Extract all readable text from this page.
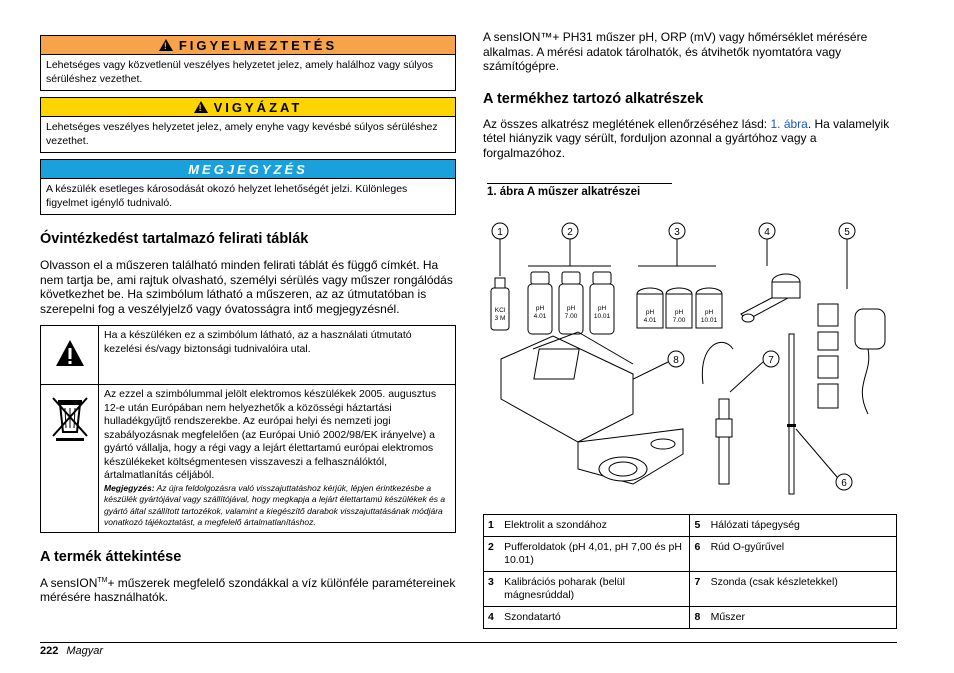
!FIGYELMEZTETÉS
Lehetséges vagy közvetlenül veszélyes helyzetet jelez, amely halálhoz vagy súlyos sérüléshez vezethet.
!VIGYÁZAT
Lehetséges veszélyes helyzetet jelez, amely enyhe vagy kevésbé súlyos sérüléshez vezethet.
MEGJEGYZÉS
A készülék esetleges károsodását okozó helyzet lehetőségét jelzi. Különleges figyelmet igénylő tudnivaló.
Óvintézkedést tartalmazó felirati táblák

Olvasson el a műszeren található minden felirati táblát és függő címkét. Ha nem tartja be, ami rajtuk olvasható, személyi sérülés vagy műszer rongálódás következhet be. Ha szimbólum látható a műszeren, az az útmutatóban is szerepelni fog a veszélyjelző vagy óvatosságra intő megjegyzésnél.

	Ha a készüléken ez a szimbólum látható, az a használati útmutató kezelési és/vagy biztonsági tudnivalóira utal.

Az ezzel a szimbólummal jelölt elektromos készülékek 2005. augusztus 12-e után Európában nem helyezhetők a közösségi háztartási hulladékgyűjtő rendszerekbe. Az európai helyi és nemzeti jogi szabályozásnak megfelelően (az Európai Unió 2002/98/EK irányelve) a gyártó vállalja, hogy a régi vagy a lejárt élettartamú európai elektromos készülékeket költségmentesen visszaveszi a felhasználóktól, ártalmatlanítás céljából.
Megjegyzés: Az újra feldolgozásra való visszajuttatáshoz kérjük, lépjen érintkezésbe a készülék gyártójával vagy szállítójával, hogy megkapja a lejárt élettartamú készülékek és a gyártó által szállított tartozékok, valamint a kiegészítő darabok visszajuttatásának módjára vonatkozó tájékoztatást, a megfelelő ártalmatlanításhoz.
A termék áttekintése

A sensION™+ műszerek megfelelő szondákkal a víz különféle paramétereinek mérésére használhatók.

A sensION™+ PH31 műszer pH, ORP (mV) vagy hőmérséklet mérésére alkalmas. A mérési adatok tárolhatók, és átvihetők nyomtatóra vagy számítógépre.

A termékhez tartozó alkatrészek

Az összes alkatrész meglétének ellenőrzéséhez lásd: 1. ábra. Ha valamelyik tétel hiányzik vagy sérült, forduljon azonnal a gyártóhoz vagy a forgalmazóhoz.

1. ábra A műszer alkatrészei
1	2	3	4	5
8	7
6
KCl
3 M
pH
4.01
pH
7.00
pH
10.01
pH
4.01
pH
7.00
pH
10.01
1	Elektrolit a szondához	5	Hálózati tápegység
2	Pufferoldatok (pH 4,01, pH 7,00 és pH 10.01)	6	Rúd O-gyűrűvel
3	Kalibrációs poharak (belül mágnesrúddal)	7	Szonda (csak készletekkel)
4	Szondatartó	8	Műszer
222 Magyar
